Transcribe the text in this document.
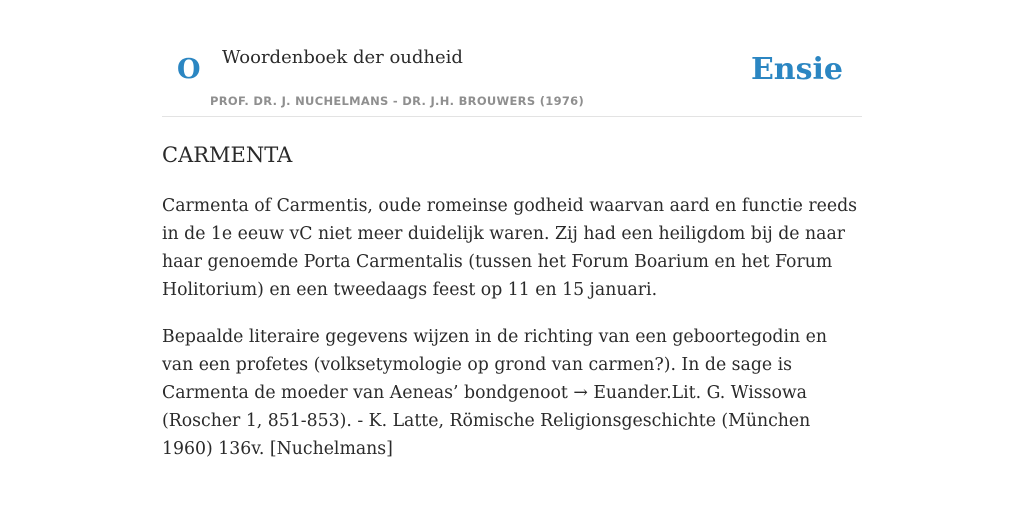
O Woordenboek der oudheid
PROF. DR. J. NUCHELMANS - DR. J.H. BROUWERS (1976)
Ensie
CARMENTA

Carmenta of Carmentis, oude romeinse godheid waarvan aard en functie reeds in de 1e eeuw vC niet meer duidelijk waren. Zij had een heiligdom bij de naar haar genoemde Porta Carmentalis (tussen het Forum Boarium en het Forum Holitorium) en een tweedaags feest op 11 en 15 januari.

Bepaalde literaire gegevens wijzen in de richting van een geboortegodin en van een profetes (volksetymologie op grond van carmen?). In de sage is Carmenta de moeder van Aeneas’ bondgenoot → Euander.Lit. G. Wissowa (Roscher 1, 851-853). - K. Latte, Römische Religionsgeschichte (München 1960) 136v. [Nuchelmans]
